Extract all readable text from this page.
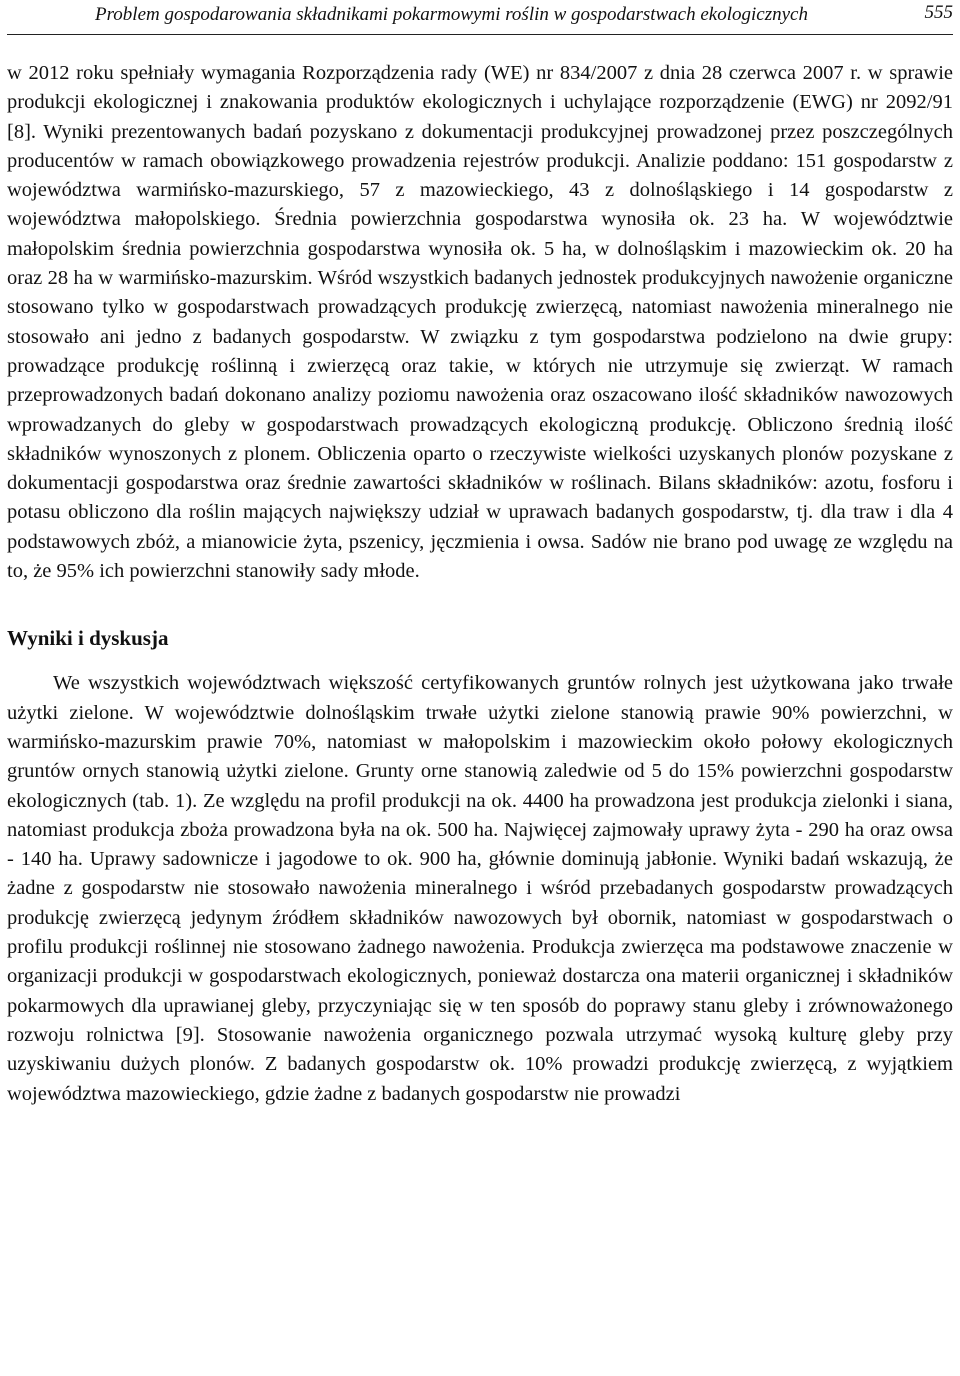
Problem gospodarowania składnikami pokarmowymi roślin w gospodarstwach ekologicznych	555

w 2012 roku spełniały wymagania Rozporządzenia rady (WE) nr 834/2007 z dnia 28 czerwca 2007 r. w sprawie produkcji ekologicznej i znakowania produktów ekologicznych i uchylające rozporządzenie (EWG) nr 2092/91 [8]. Wyniki prezentowanych badań pozyskano z dokumentacji produkcyjnej prowadzonej przez poszczególnych producentów w ramach obowiązkowego prowadzenia rejestrów produkcji. Analizie poddano: 151 gospodarstw z województwa warmińsko-mazurskiego, 57 z mazowieckiego, 43 z dolnośląskiego i 14 gospodarstw z województwa małopolskiego. Średnia powierzchnia gospodarstwa wynosiła ok. 23 ha. W województwie małopolskim średnia powierzchnia gospodarstwa wynosiła ok. 5 ha, w dolnośląskim i mazowieckim ok. 20 ha oraz 28 ha w warmińsko-mazurskim. Wśród wszystkich badanych jednostek produkcyjnych nawożenie organiczne stosowano tylko w gospodarstwach prowadzących produkcję zwierzęcą, natomiast nawożenia mineralnego nie stosowało ani jedno z badanych gospodarstw. W związku z tym gospodarstwa podzielono na dwie grupy: prowadzące produkcję roślinną i zwierzęcą oraz takie, w których nie utrzymuje się zwierząt. W ramach przeprowadzonych badań dokonano analizy poziomu nawożenia oraz oszacowano ilość składników nawozowych wprowadzanych do gleby w gospodarstwach prowadzących ekologiczną produkcję. Obliczono średnią ilość składników wynoszonych z plonem. Obliczenia oparto o rzeczywiste wielkości uzyskanych plonów pozyskane z dokumentacji gospodarstwa oraz średnie zawartości składników w roślinach. Bilans składników: azotu, fosforu i potasu obliczono dla roślin mających największy udział w uprawach badanych gospodarstw, tj. dla traw i dla 4 podstawowych zbóż, a mianowicie żyta, pszenicy, jęczmienia i owsa. Sadów nie brano pod uwagę ze względu na to, że 95% ich powierzchni stanowiły sady młode.

Wyniki i dyskusja

We wszystkich województwach większość certyfikowanych gruntów rolnych jest użytkowana jako trwałe użytki zielone. W województwie dolnośląskim trwałe użytki zielone stanowią prawie 90% powierzchni, w warmińsko-mazurskim prawie 70%, natomiast w małopolskim i mazowieckim około połowy ekologicznych gruntów ornych stanowią użytki zielone. Grunty orne stanowią zaledwie od 5 do 15% powierzchni gospodarstw ekologicznych (tab. 1). Ze względu na profil produkcji na ok. 4400 ha prowadzona jest produkcja zielonki i siana, natomiast produkcja zboża prowadzona była na ok. 500 ha. Najwięcej zajmowały uprawy żyta - 290 ha oraz owsa - 140 ha. Uprawy sadownicze i jagodowe to ok. 900 ha, głównie dominują jabłonie. Wyniki badań wskazują, że żadne z gospodarstw nie stosowało nawożenia mineralnego i wśród przebadanych gospodarstw prowadzących produkcję zwierzęcą jedynym źródłem składników nawozowych był obornik, natomiast w gospodarstwach o profilu produkcji roślinnej nie stosowano żadnego nawożenia. Produkcja zwierzęca ma podstawowe znaczenie w organizacji produkcji w gospodarstwach ekologicznych, ponieważ dostarcza ona materii organicznej i składników pokarmowych dla uprawianej gleby, przyczyniając się w ten sposób do poprawy stanu gleby i zrównoważonego rozwoju rolnictwa [9]. Stosowanie nawożenia organicznego pozwala utrzymać wysoką kulturę gleby przy uzyskiwaniu dużych plonów. Z badanych gospodarstw ok. 10% prowadzi produkcję zwierzęcą, z wyjątkiem województwa mazowieckiego, gdzie żadne z badanych gospodarstw nie prowadzi
